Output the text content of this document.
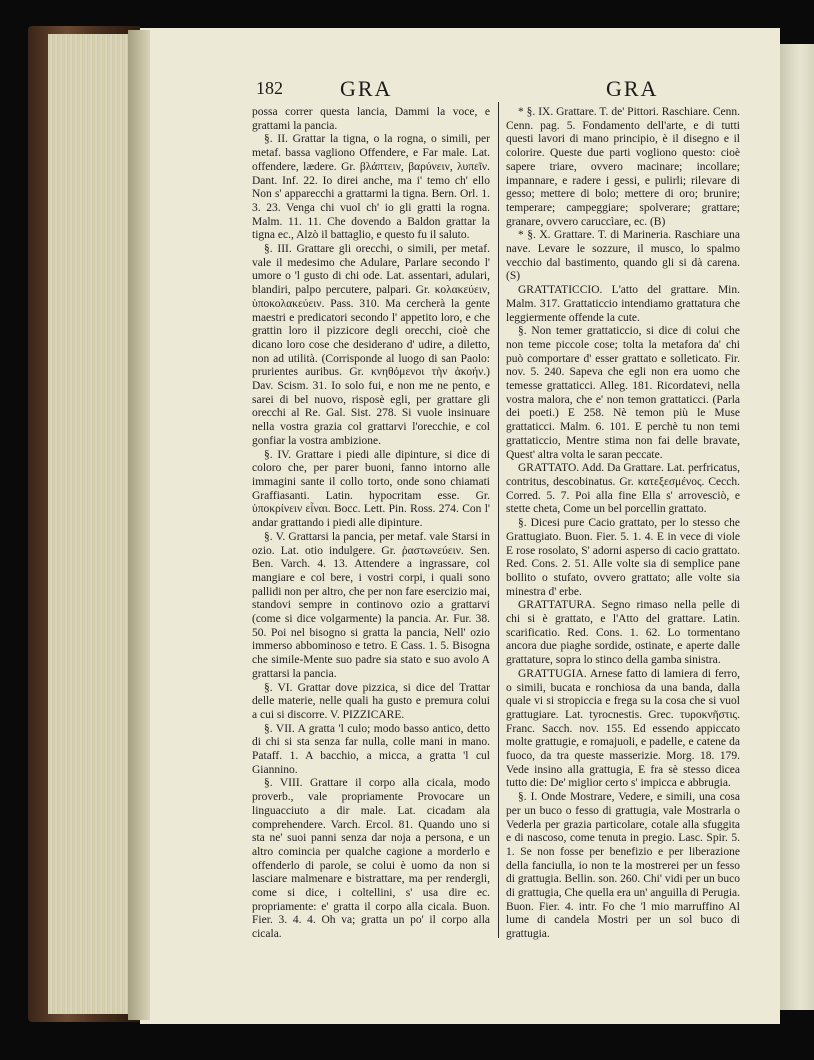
182	GRA	GRA

possa correr questa lancia, Dammi la voce, e grattami la pancia.

§. II. Grattar la tigna, o la rogna, o simili, per metaf. bassa vagliono Offendere, e Far male. Lat. offendere, lædere. Gr. βλάπτειν, βαρύνειν, λυπεῖν. Dant. Inf. 22. Io direi anche, ma i' temo ch' ello Non s' apparecchi a grattarmi la tigna. Bern. Orl. 1. 3. 23. Venga chi vuol ch' io gli gratti la rogna. Malm. 11. 11. Che dovendo a Baldon grattar la tigna ec., Alzò il battaglio, e questo fu il saluto.

§. III. Grattare gli orecchi, o simili, per metaf. vale il medesimo che Adulare, Parlare secondo l' umore o 'l gusto di chi ode. Lat. assentari, adulari, blandiri, palpo percutere, palpari. Gr. κολακεύειν, ὑποκολακεύειν. Pass. 310. Ma cercherà la gente maestri e predicatori secondo l' appetito loro, e che grattin loro il pizzicore degli orecchi, cioè che dicano loro cose che desiderano d' udire, a diletto, non ad utilità. (Corrisponde al luogo di san Paolo: prurientes auribus. Gr. κνηθόμενοι τὴν ἀκοήν.) Dav. Scism. 31. Io solo fui, e non me ne pento, e sarei di bel nuovo, risposè egli, per grattare gli orecchi al Re. Gal. Sist. 278. Si vuole insinuare nella vostra grazia col grattarvi l'orecchie, e col gonfiar la vostra ambizione.

§. IV. Grattare i piedi alle dipinture, si dice di coloro che, per parer buoni, fanno intorno alle immagini sante il collo torto, onde sono chiamati Graffiasanti. Latin. hypocritam esse. Gr. ὑποκρίνειν εἶναι. Bocc. Lett. Pin. Ross. 274. Con l' andar grattando i piedi alle dipinture.

§. V. Grattarsi la pancia, per metaf. vale Starsi in ozio. Lat. otio indulgere. Gr. ῥαστωνεύειν. Sen. Ben. Varch. 4. 13. Attendere a ingrassare, col mangiare e col bere, i vostri corpi, i quali sono pallidi non per altro, che per non fare esercizio mai, standovi sempre in continovo ozio a grattarvi (come si dice volgarmente) la pancia. Ar. Fur. 38. 50. Poi nel bisogno si gratta la pancia, Nell' ozio immerso abbominoso e tetro. E Cass. 1. 5. Bisogna che simile-Mente suo padre sia stato e suo avolo A grattarsi la pancia.

§. VI. Grattar dove pizzica, si dice del Trattar delle materie, nelle quali ha gusto e premura colui a cui si discorre. V. PIZZICARE.

§. VII. A gratta 'l culo; modo basso antico, detto di chi si sta senza far nulla, colle mani in mano. Pataff. 1. A bacchio, a micca, a gratta 'l cul Giannino.

§. VIII. Grattare il corpo alla cicala, modo proverb., vale propriamente Provocare un linguacciuto a dir male. Lat. cicadam ala comprehendere. Varch. Ercol. 81. Quando uno si sta ne' suoi panni senza dar noja a persona, e un altro comincia per qualche cagione a morderlo e offenderlo di parole, se colui è uomo da non si lasciare malmenare e bistrattare, ma per rendergli, come si dice, i coltellini, s' usa dire ec. propriamente: e' gratta il corpo alla cicala. Buon. Fier. 3. 4. 4. Oh va; gratta un po' il corpo alla cicala.

* §. IX. Grattare. T. de' Pittori. Raschiare. Cenn. Cenn. pag. 5. Fondamento dell'arte, e di tutti questi lavori di mano principio, è il disegno e il colorire. Queste due parti vogliono questo: cioè sapere triare, ovvero macinare; incollare; impannare, e radere i gessi, e pulirli; rilevare di gesso; mettere di bolo; mettere di oro; brunire; temperare; campeggiare; spolverare; grattare; granare, ovvero caruccìare, ec. (B)

* §. X. Grattare. T. di Marineria. Raschiare una nave. Levare le sozzure, il musco, lo spalmo vecchio dal bastimento, quando gli si dà carena. (S)

GRATTATICCIO. L'atto del grattare. Min. Malm. 317. Grattaticcio intendiamo grattatura che leggiermente offende la cute.

§. Non temer grattaticcio, si dice di colui che non teme piccole cose; tolta la metafora da' chi può comportare d' esser grattato e solleticato. Fir. nov. 5. 240. Sapeva che egli non era uomo che temesse grattaticci. Alleg. 181. Ricordatevi, nella vostra malora, che e' non temon grattaticci. (Parla dei poeti.) E 258. Nè temon più le Muse grattaticci. Malm. 6. 101. E perchè tu non temi grattaticcio, Mentre stima non fai delle bravate, Quest' altra volta le saran peccate.

GRATTATO. Add. Da Grattare. Lat. perfricatus, contritus, descobinatus. Gr. κατεξεσμένος. Cecch. Corred. 5. 7. Poi alla fine Ella s' arrovesciò, e stette cheta, Come un bel porcellin grattato.

§. Dicesi pure Cacio grattato, per lo stesso che Grattugiato. Buon. Fier. 5. 1. 4. E in vece di viole E rose rosolato, S' adorni asperso di cacio grattato. Red. Cons. 2. 51. Alle volte sia di semplice pane bollito o stufato, ovvero grattato; alle volte sia minestra d' erbe.

GRATTATURA. Segno rimaso nella pelle di chi si è grattato, e l'Atto del grattare. Latin. scarificatio. Red. Cons. 1. 62. Lo tormentano ancora due piaghe sordide, ostinate, e aperte dalle grattature, sopra lo stinco della gamba sinistra.

GRATTUGIA. Arnese fatto di lamiera di ferro, o simili, bucata e ronchiosa da una banda, dalla quale vi si stropiccia e frega su la cosa che si vuol grattugiare. Lat. tyrocnestis. Grec. τυροκνῆστις. Franc. Sacch. nov. 155. Ed essendo appiccato molte grattugie, e romajuoli, e padelle, e catene da fuoco, da tra queste masserizie. Morg. 18. 179. Vede insino alla grattugia, E fra sè stesso dicea tutto die: De' miglior certo s' impicca e abbrugia.

§. I. Onde Mostrare, Vedere, e simili, una cosa per un buco o fesso di grattugia, vale Mostrarla o Vederla per grazia particolare, cotale alla sfuggita e di nascoso, come tenuta in pregio. Lasc. Spir. 5. 1. Se non fosse per benefizio e per liberazione della fanciulla, io non te la mostrerei per un fesso di grattugia. Bellin. son. 260. Chi' vidi per un buco di grattugia, Che quella era un' anguilla di Perugia. Buon. Fier. 4. intr. Fo che 'l mio marruffino Al lume di candela Mostri per un sol buco di grattugia.
